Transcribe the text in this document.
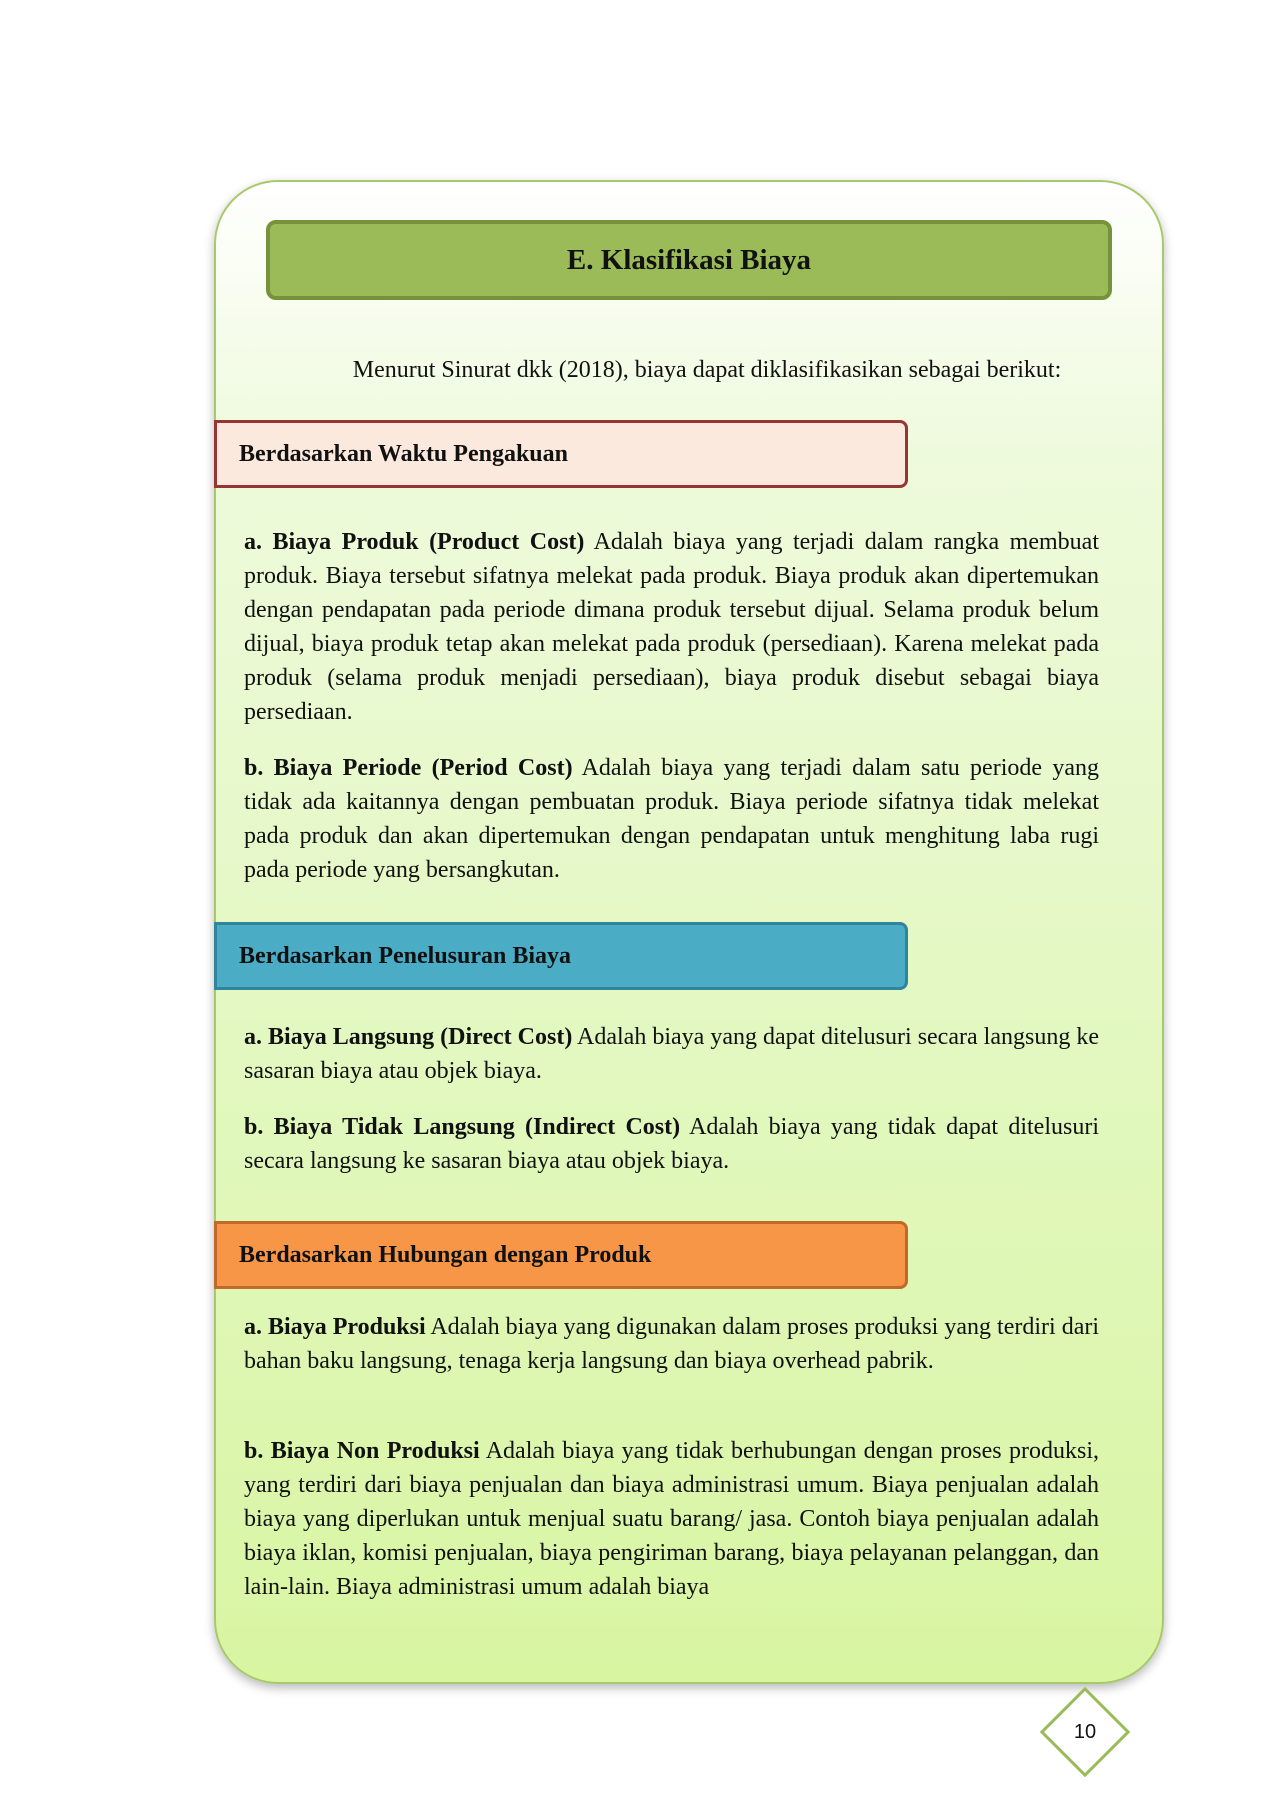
E. Klasifikasi Biaya
Menurut Sinurat dkk (2018), biaya dapat diklasifikasikan sebagai berikut:
Berdasarkan Waktu Pengakuan

a. Biaya Produk (Product Cost) Adalah biaya yang terjadi dalam rangka membuat produk. Biaya tersebut sifatnya melekat pada produk. Biaya produk akan dipertemukan dengan pendapatan pada periode dimana produk tersebut dijual. Selama produk belum dijual, biaya produk tetap akan melekat pada produk (persediaan). Karena melekat pada produk (selama produk menjadi persediaan), biaya produk disebut sebagai biaya persediaan.

b. Biaya Periode (Period Cost) Adalah biaya yang terjadi dalam satu periode yang tidak ada kaitannya dengan pembuatan produk. Biaya periode sifatnya tidak melekat pada produk dan akan dipertemukan dengan pendapatan untuk menghitung laba rugi pada periode yang bersangkutan.

Berdasarkan Penelusuran Biaya

a. Biaya Langsung (Direct Cost) Adalah biaya yang dapat ditelusuri secara langsung ke sasaran biaya atau objek biaya.

b. Biaya Tidak Langsung (Indirect Cost) Adalah biaya yang tidak dapat ditelusuri secara langsung ke sasaran biaya atau objek biaya.

Berdasarkan Hubungan dengan Produk

a. Biaya Produksi Adalah biaya yang digunakan dalam proses produksi yang terdiri dari bahan baku langsung, tenaga kerja langsung dan biaya overhead pabrik.

b. Biaya Non Produksi Adalah biaya yang tidak berhubungan dengan proses produksi, yang terdiri dari biaya penjualan dan biaya administrasi umum. Biaya penjualan adalah biaya yang diperlukan untuk menjual suatu barang/ jasa. Contoh biaya penjualan adalah biaya iklan, komisi penjualan, biaya pengiriman barang, biaya pelayanan pelanggan, dan lain-lain. Biaya administrasi umum adalah biaya

10
